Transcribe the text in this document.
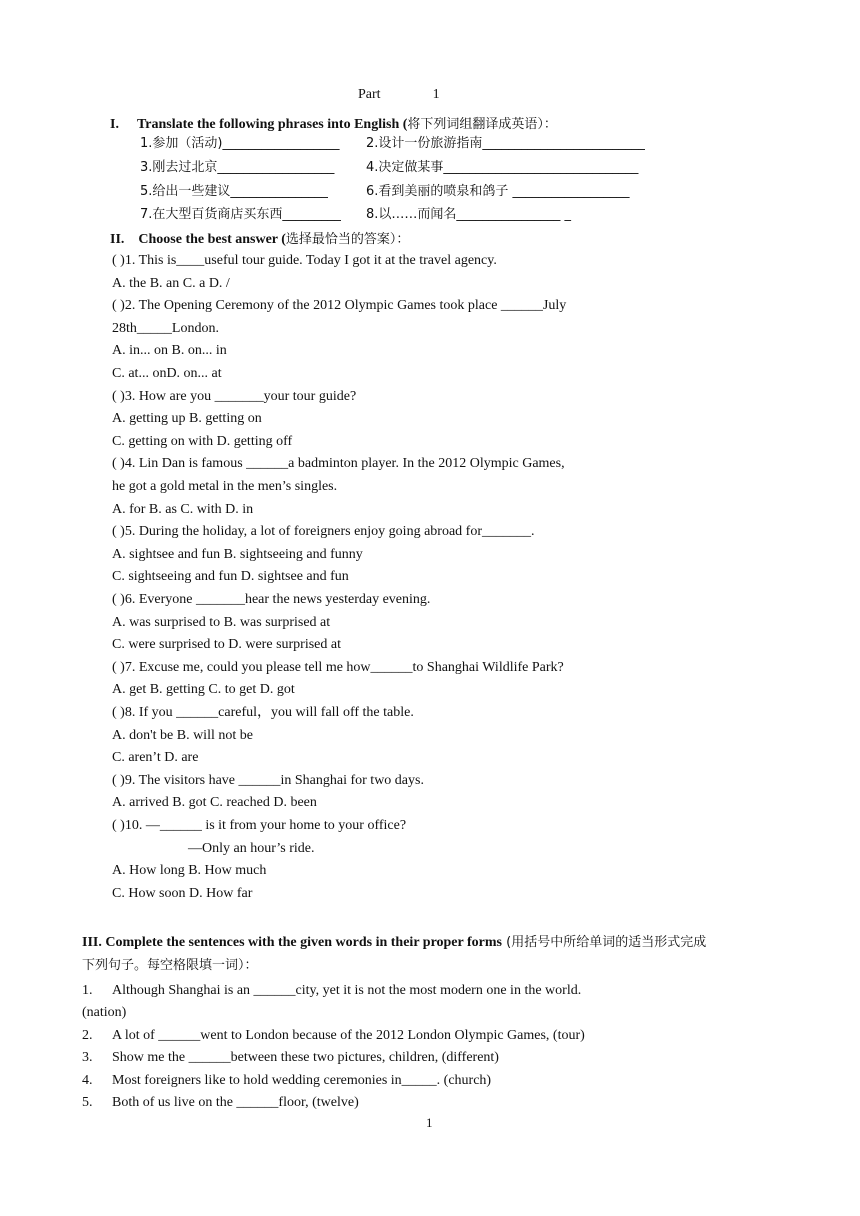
Part	1
I. Translate the following phrases into English (将下列词组翻译成英语）：
1.参加（活动)__________________ 2.设计一份旅游指南_________________________
3.刚去过北京__________________ 4.决定做某事______________________________
5.给出一些建议_______________	6.看到美丽的喷泉和鸽子 __________________
7.在大型百货商店买东西_________ 8.以……而闻名________________ _
II. Choose the best answer (选择最恰当的答案）：
( )1. This is____useful tour guide. Today I got it at the travel agency.
A. the B. an C. a D. /
( )2. The Opening Ceremony of the 2012 Olympic Games took place ______July
28th_____London.
A. in... on B. on... in
C. at... onD. on... at
( )3. How are you _______your tour guide?
A. getting up B. getting on
C. getting on with D. getting off
( )4. Lin Dan is famous ______a badminton player. In the 2012 Olympic Games,
he got a gold metal in the men’s singles.
A. for B. as C. with D. in
( )5. During the holiday, a lot of foreigners enjoy going abroad for_______.
A. sightsee and fun B. sightseeing and funny
C. sightseeing and fun D. sightsee and fun
( )6. Everyone _______hear the news yesterday evening.
A. was surprised to B. was surprised at
C. were surprised to D. were surprised at
( )7. Excuse me, could you please tell me how______to Shanghai Wildlife Park?
A. get B. getting C. to get D. got
( )8. If you ______careful，you will fall off the table.
A. don't be B. will not be
C. aren’t D. are
( )9. The visitors have ______in Shanghai for two days.
A. arrived B. got C. reached D. been
( )10. —______ is it from your home to your office?
—Only an hour’s ride.
A. How long B. How much
C. How soon D. How far
III. Complete the sentences with the given words in their proper forms (用括号中所给单词的适当形式完成
下列句子。每空格限填一词）：
1. Although Shanghai is an ______city, yet it is not the most modern one in the world.
(nation)
2. A lot of ______went to London because of the 2012 London Olympic Games, (tour)
3. Show me the ______between these two pictures, children, (different)
4. Most foreigners like to hold wedding ceremonies in_____. (church)
5. Both of us live on the ______floor, (twelve)
1
